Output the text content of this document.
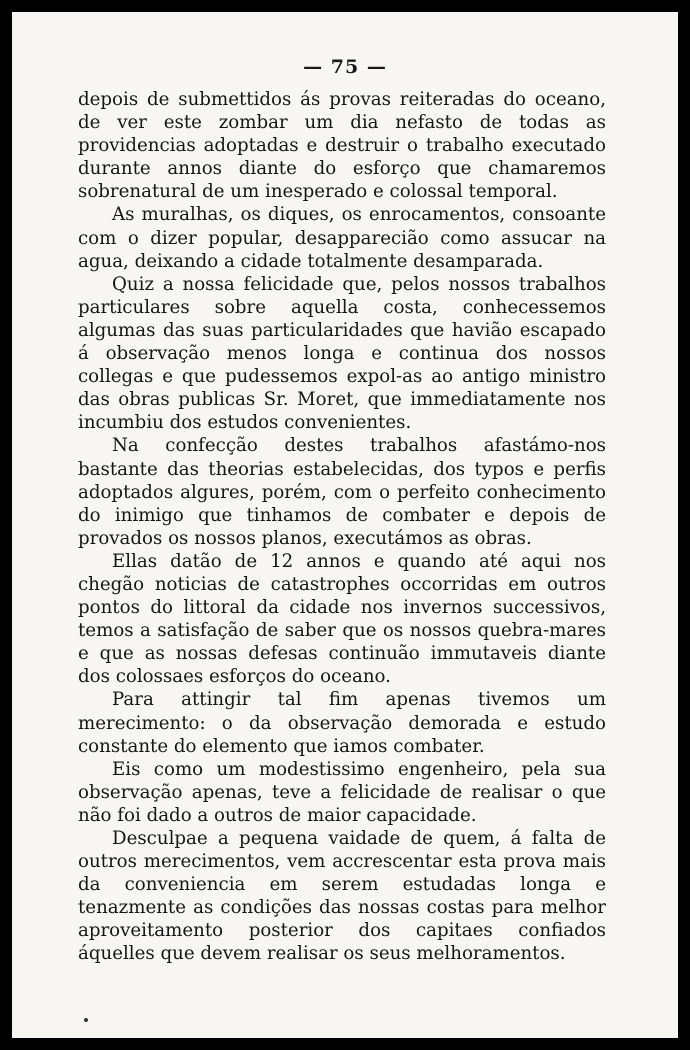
— 75 —

depois de submettidos ás provas reiteradas do oceano, de ver este zombar um dia nefasto de todas as providencias adoptadas e destruir o trabalho executado durante annos diante do esforço que chamaremos sobrenatural de um inesperado e colossal temporal.

As muralhas, os diques, os enrocamentos, consoante com o dizer popular, desapparecião como assucar na agua, deixando a cidade totalmente desamparada.

Quiz a nossa felicidade que, pelos nossos trabalhos particulares sobre aquella costa, conhecessemos algumas das suas particularidades que havião escapado á observação menos longa e continua dos nossos collegas e que pudessemos expol-as ao antigo ministro das obras publicas Sr. Moret, que immediatamente nos incumbiu dos estudos convenientes.

Na confecção destes trabalhos afastámo-nos bastante das theorias estabelecidas, dos typos e perfis adoptados algures, porém, com o perfeito conhecimento do inimigo que tinhamos de combater e depois de provados os nossos planos, executámos as obras.

Ellas datão de 12 annos e quando até aqui nos chegão noticias de catastrophes occorridas em outros pontos do littoral da cidade nos invernos successivos, temos a satisfação de saber que os nossos quebra-mares e que as nossas defesas continuão immutaveis diante dos colossaes esforços do oceano.

Para attingir tal fim apenas tivemos um merecimento: o da observação demorada e estudo constante do elemento que iamos combater.

Eis como um modestissimo engenheiro, pela sua observação apenas, teve a felicidade de realisar o que não foi dado a outros de maior capacidade.

Desculpae a pequena vaidade de quem, á falta de outros merecimentos, vem accrescentar esta prova mais da conveniencia em serem estudadas longa e tenazmente as condições das nossas costas para melhor aproveitamento posterior dos capitaes confiados áquelles que devem realisar os seus melhoramentos.
